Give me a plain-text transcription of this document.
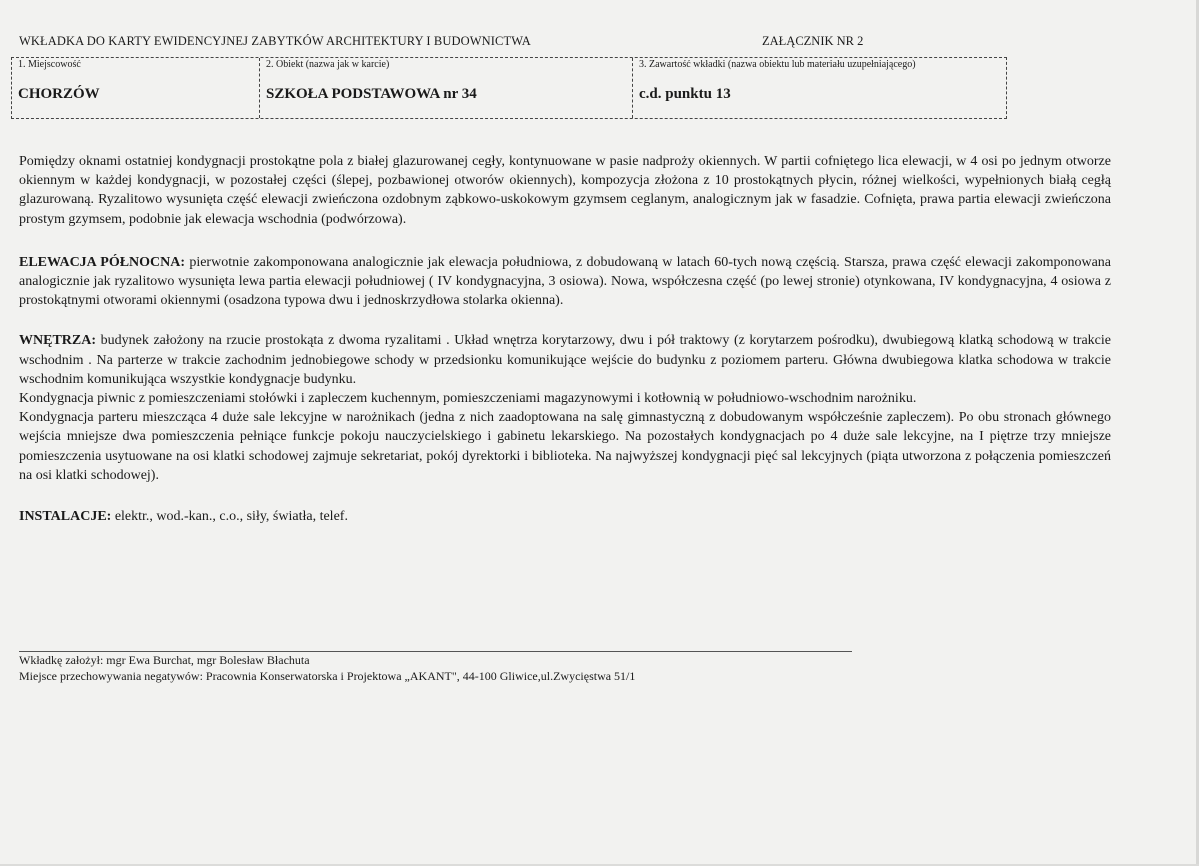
WKŁADKA DO KARTY EWIDENCYJNEJ ZABYTKÓW ARCHITEKTURY I BUDOWNICTWA	ZAŁĄCZNIK NR 2
1. Miejscowość
CHORZÓW
2. Obiekt (nazwa jak w karcie)
SZKOŁA PODSTAWOWA nr 34
3. Zawartość wkładki (nazwa obiektu lub materiału uzupełniającego)
c.d. punktu 13

Pomiędzy oknami ostatniej kondygnacji prostokątne pola z białej glazurowanej cegły, kontynuowane w pasie nadproży okiennych. W partii cofniętego lica elewacji, w 4 osi po jednym otworze okiennym w każdej kondygnacji, w pozostałej części (ślepej, pozbawionej otworów okiennych), kompozycja złożona z 10 prostokątnych płycin, różnej wielkości, wypełnionych białą cegłą glazurowaną. Ryzalitowo wysunięta część elewacji zwieńczona ozdobnym ząbkowo-uskokowym gzymsem ceglanym, analogicznym jak w fasadzie. Cofnięta, prawa partia elewacji zwieńczona prostym gzymsem, podobnie jak elewacja wschodnia (podwórzowa).

ELEWACJA PÓŁNOCNA: pierwotnie zakomponowana analogicznie jak elewacja południowa, z dobudowaną w latach 60-tych nową częścią. Starsza, prawa część elewacji zakomponowana analogicznie jak ryzalitowo wysunięta lewa partia elewacji południowej ( IV kondygnacyjna, 3 osiowa). Nowa, współczesna część (po lewej stronie) otynkowana, IV kondygnacyjna, 4 osiowa z prostokątnymi otworami okiennymi (osadzona typowa dwu i jednoskrzydłowa stolarka okienna).

WNĘTRZA: budynek założony na rzucie prostokąta z dwoma ryzalitami . Układ wnętrza korytarzowy, dwu i pół traktowy (z korytarzem pośrodku), dwubiegową klatką schodową w trakcie wschodnim . Na parterze w trakcie zachodnim jednobiegowe schody w przedsionku komunikujące wejście do budynku z poziomem parteru. Główna dwubiegowa klatka schodowa w trakcie wschodnim komunikująca wszystkie kondygnacje budynku.

Kondygnacja piwnic z pomieszczeniami stołówki i zapleczem kuchennym, pomieszczeniami magazynowymi i kotłownią w południowo-wschodnim narożniku.

Kondygnacja parteru mieszcząca 4 duże sale lekcyjne w narożnikach (jedna z nich zaadoptowana na salę gimnastyczną z dobudowanym współcześnie zapleczem). Po obu stronach głównego wejścia mniejsze dwa pomieszczenia pełniące funkcje pokoju nauczycielskiego i gabinetu lekarskiego. Na pozostałych kondygnacjach po 4 duże sale lekcyjne, na I piętrze trzy mniejsze pomieszczenia usytuowane na osi klatki schodowej zajmuje sekretariat, pokój dyrektorki i biblioteka. Na najwyższej kondygnacji pięć sal lekcyjnych (piąta utworzona z połączenia pomieszczeń na osi klatki schodowej).

INSTALACJE: elektr., wod.-kan., c.o., siły, światła, telef.

Wkładkę założył: mgr Ewa Burchat, mgr Bolesław Błachuta
Miejsce przechowywania negatywów: Pracownia Konserwatorska i Projektowa „AKANT", 44-100 Gliwice,ul.Zwycięstwa 51/1
